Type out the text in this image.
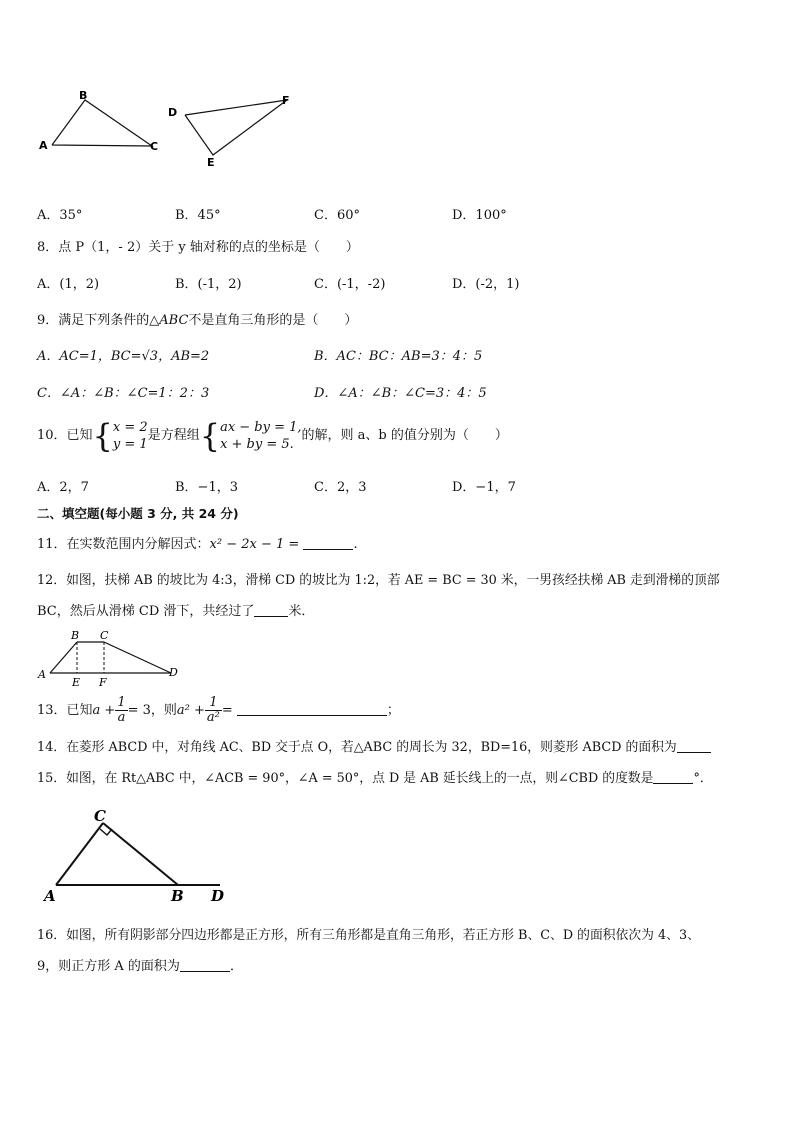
A
B
C
D
F
E
A．35°	B．45°	C．60°	D．100°
8．点 P（1，- 2）关于 y 轴对称的点的坐标是（　　）
A．(1，2)	B．(-1，2)	C．(-1，-2)	D．(-2，1)
9．满足下列条件的△ABC不是直角三角形的是（　　）
A．AC=1，BC=√3，AB=2	B．AC：BC：AB=3：4：5
C．∠A：∠B：∠C=1：2：3	D．∠A：∠B：∠C=3：4：5
10．已知{ x = 2
y = 1
是方程组{ ax − by = 1,
x + by = 5.
的解，则 a、b 的值分别为（　　）
A．2，7	B．−1，3	C．2，3	D．−1，7
二、填空题(每小题 3 分, 共 24 分)
11．在实数范围内分解因式：x² − 2x − 1 =	.
12．如图，扶梯 AB 的坡比为 4:3，滑梯 CD 的坡比为 1:2，若 AE = BC = 30 米，一男孩经扶梯 AB 走到滑梯的顶部
BC，然后从滑梯 CD 滑下，共经过了	米．
A
B C
D
E F
13．已知$a + \frac{1}{a} = 3$，则$a^2 + \frac{1}{\text{a²}}$ =	；
14．在菱形 ABCD 中，对角线 AC、BD 交于点 O，若△ABC 的周长为 32，BD=16，则菱形 ABCD 的面积为
15．如图，在 Rt△ABC 中，∠ACB = 90°，∠A = 50°，点 D 是 AB 延长线上的一点，则∠CBD 的度数是	°．
C
A	B D
16．如图，所有阴影部分四边形都是正方形，所有三角形都是直角三角形，若正方形 B、C、D 的面积依次为 4、3、
9，则正方形 A 的面积为	．
